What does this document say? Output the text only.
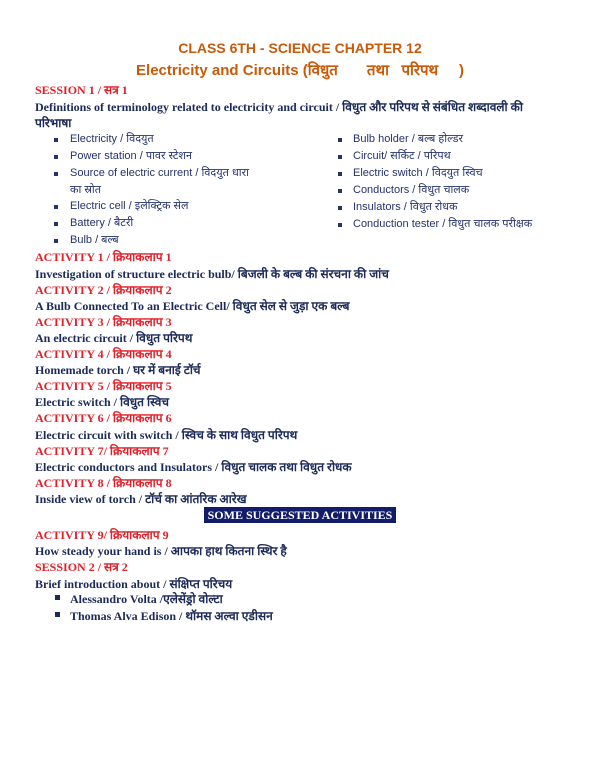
CLASS 6TH - SCIENCE CHAPTER 12
Electricity and Circuits (विधुत       तथा   परिपथ     )
SESSION 1 / सत्र 1
Definitions of terminology related to electricity and circuit / विधुत और परिपथ से संबंधित शब्दावली की
परिभाषा
Electricity / विदयुत
Power station / पावर स्टेशन
Source of electric current / विदयुत धारा
का स्रोत
Electric cell / इलेक्ट्रिक सेल
Battery / बैटरी
Bulb / बल्ब
Bulb holder / बल्ब होल्डर
Circuit/ सर्किट / परिपथ
Electric switch / विदयुत स्विच
Conductors / विधुत चालक
Insulators / विधुत रोधक
Conduction tester / विधुत चालक परीक्षक
ACTIVITY 1 / क्रियाकलाप 1
Investigation of structure electric bulb/ बिजली के बल्ब की संरचना की जांच
ACTIVITY 2 / क्रियाकलाप 2
A Bulb Connected To an Electric Cell/ विधुत सेल से जुड़ा एक बल्ब
ACTIVITY 3 / क्रियाकलाप 3
An electric circuit / विधुत परिपथ
ACTIVITY 4 / क्रियाकलाप 4
Homemade torch / घर में बनाई टॉर्च
ACTIVITY 5 / क्रियाकलाप 5
Electric switch / विधुत स्विच
ACTIVITY 6 / क्रियाकलाप 6
Electric circuit with switch / स्विच के साथ विधुत परिपथ
ACTIVITY 7/ क्रियाकलाप 7
Electric conductors and Insulators / विधुत चालक तथा विधुत रोधक
ACTIVITY 8 / क्रियाकलाप 8
Inside view of torch / टॉर्च का आंतरिक आरेख
SOME SUGGESTED ACTIVITIES
ACTIVITY 9/ क्रियाकलाप 9
How steady your hand is / आपका हाथ कितना स्थिर है
SESSION 2 / सत्र 2
Brief introduction about / संक्षिप्त परिचय
Alessandro Volta /एलेसेंड्रो वोल्टा
Thomas Alva Edison / थॉमस अल्वा एडीसन
